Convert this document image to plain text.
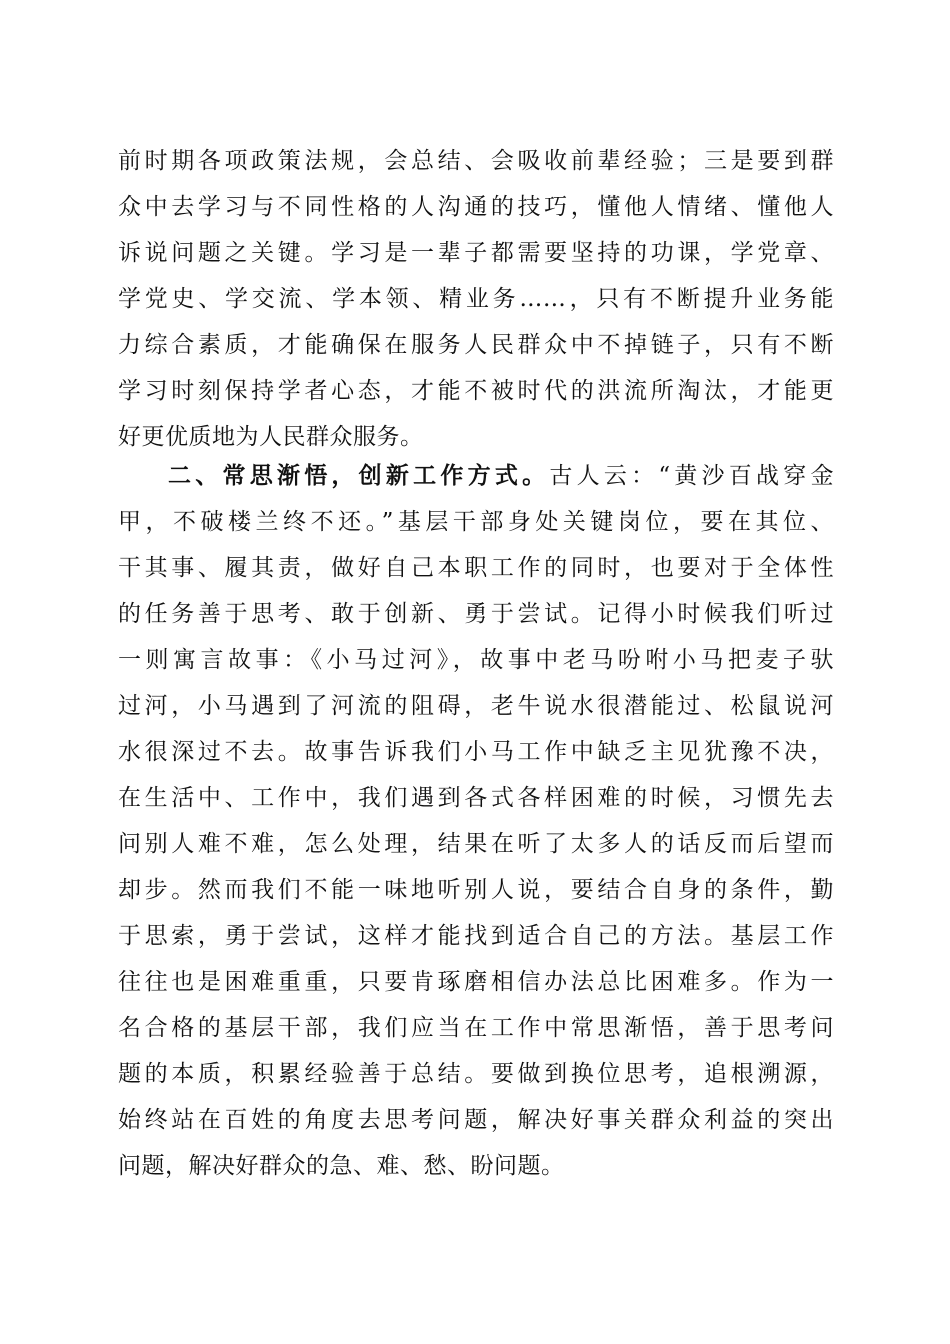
前时期各项政策法规，会总结、会吸收前辈经验；三是要到群
众中去学习与不同性格的人沟通的技巧，懂他人情绪、懂他人
诉说问题之关键。学习是一辈子都需要坚持的功课，学党章、
学党史、学交流、学本领、精业务……，只有不断提升业务能
力综合素质，才能确保在服务人民群众中不掉链子，只有不断
学习时刻保持学者心态，才能不被时代的洪流所淘汰，才能更
好更优质地为人民群众服务。
二、常思渐悟，创新工作方式。古人云：“黄沙百战穿金
甲，不破楼兰终不还。”基层干部身处关键岗位，要在其位、
干其事、履其责，做好自己本职工作的同时，也要对于全体性
的任务善于思考、敢于创新、勇于尝试。记得小时候我们听过
一则寓言故事：《小马过河》，故事中老马吩咐小马把麦子驮
过河，小马遇到了河流的阻碍，老牛说水很潜能过、松鼠说河
水很深过不去。故事告诉我们小马工作中缺乏主见犹豫不决，
在生活中、工作中，我们遇到各式各样困难的时候，习惯先去
问别人难不难，怎么处理，结果在听了太多人的话反而后望而
却步。然而我们不能一味地听别人说，要结合自身的条件，勤
于思索，勇于尝试，这样才能找到适合自己的方法。基层工作
往往也是困难重重，只要肯琢磨相信办法总比困难多。作为一
名合格的基层干部，我们应当在工作中常思渐悟，善于思考问
题的本质，积累经验善于总结。要做到换位思考，追根溯源，
始终站在百姓的角度去思考问题，解决好事关群众利益的突出
问题，解决好群众的急、难、愁、盼问题。
